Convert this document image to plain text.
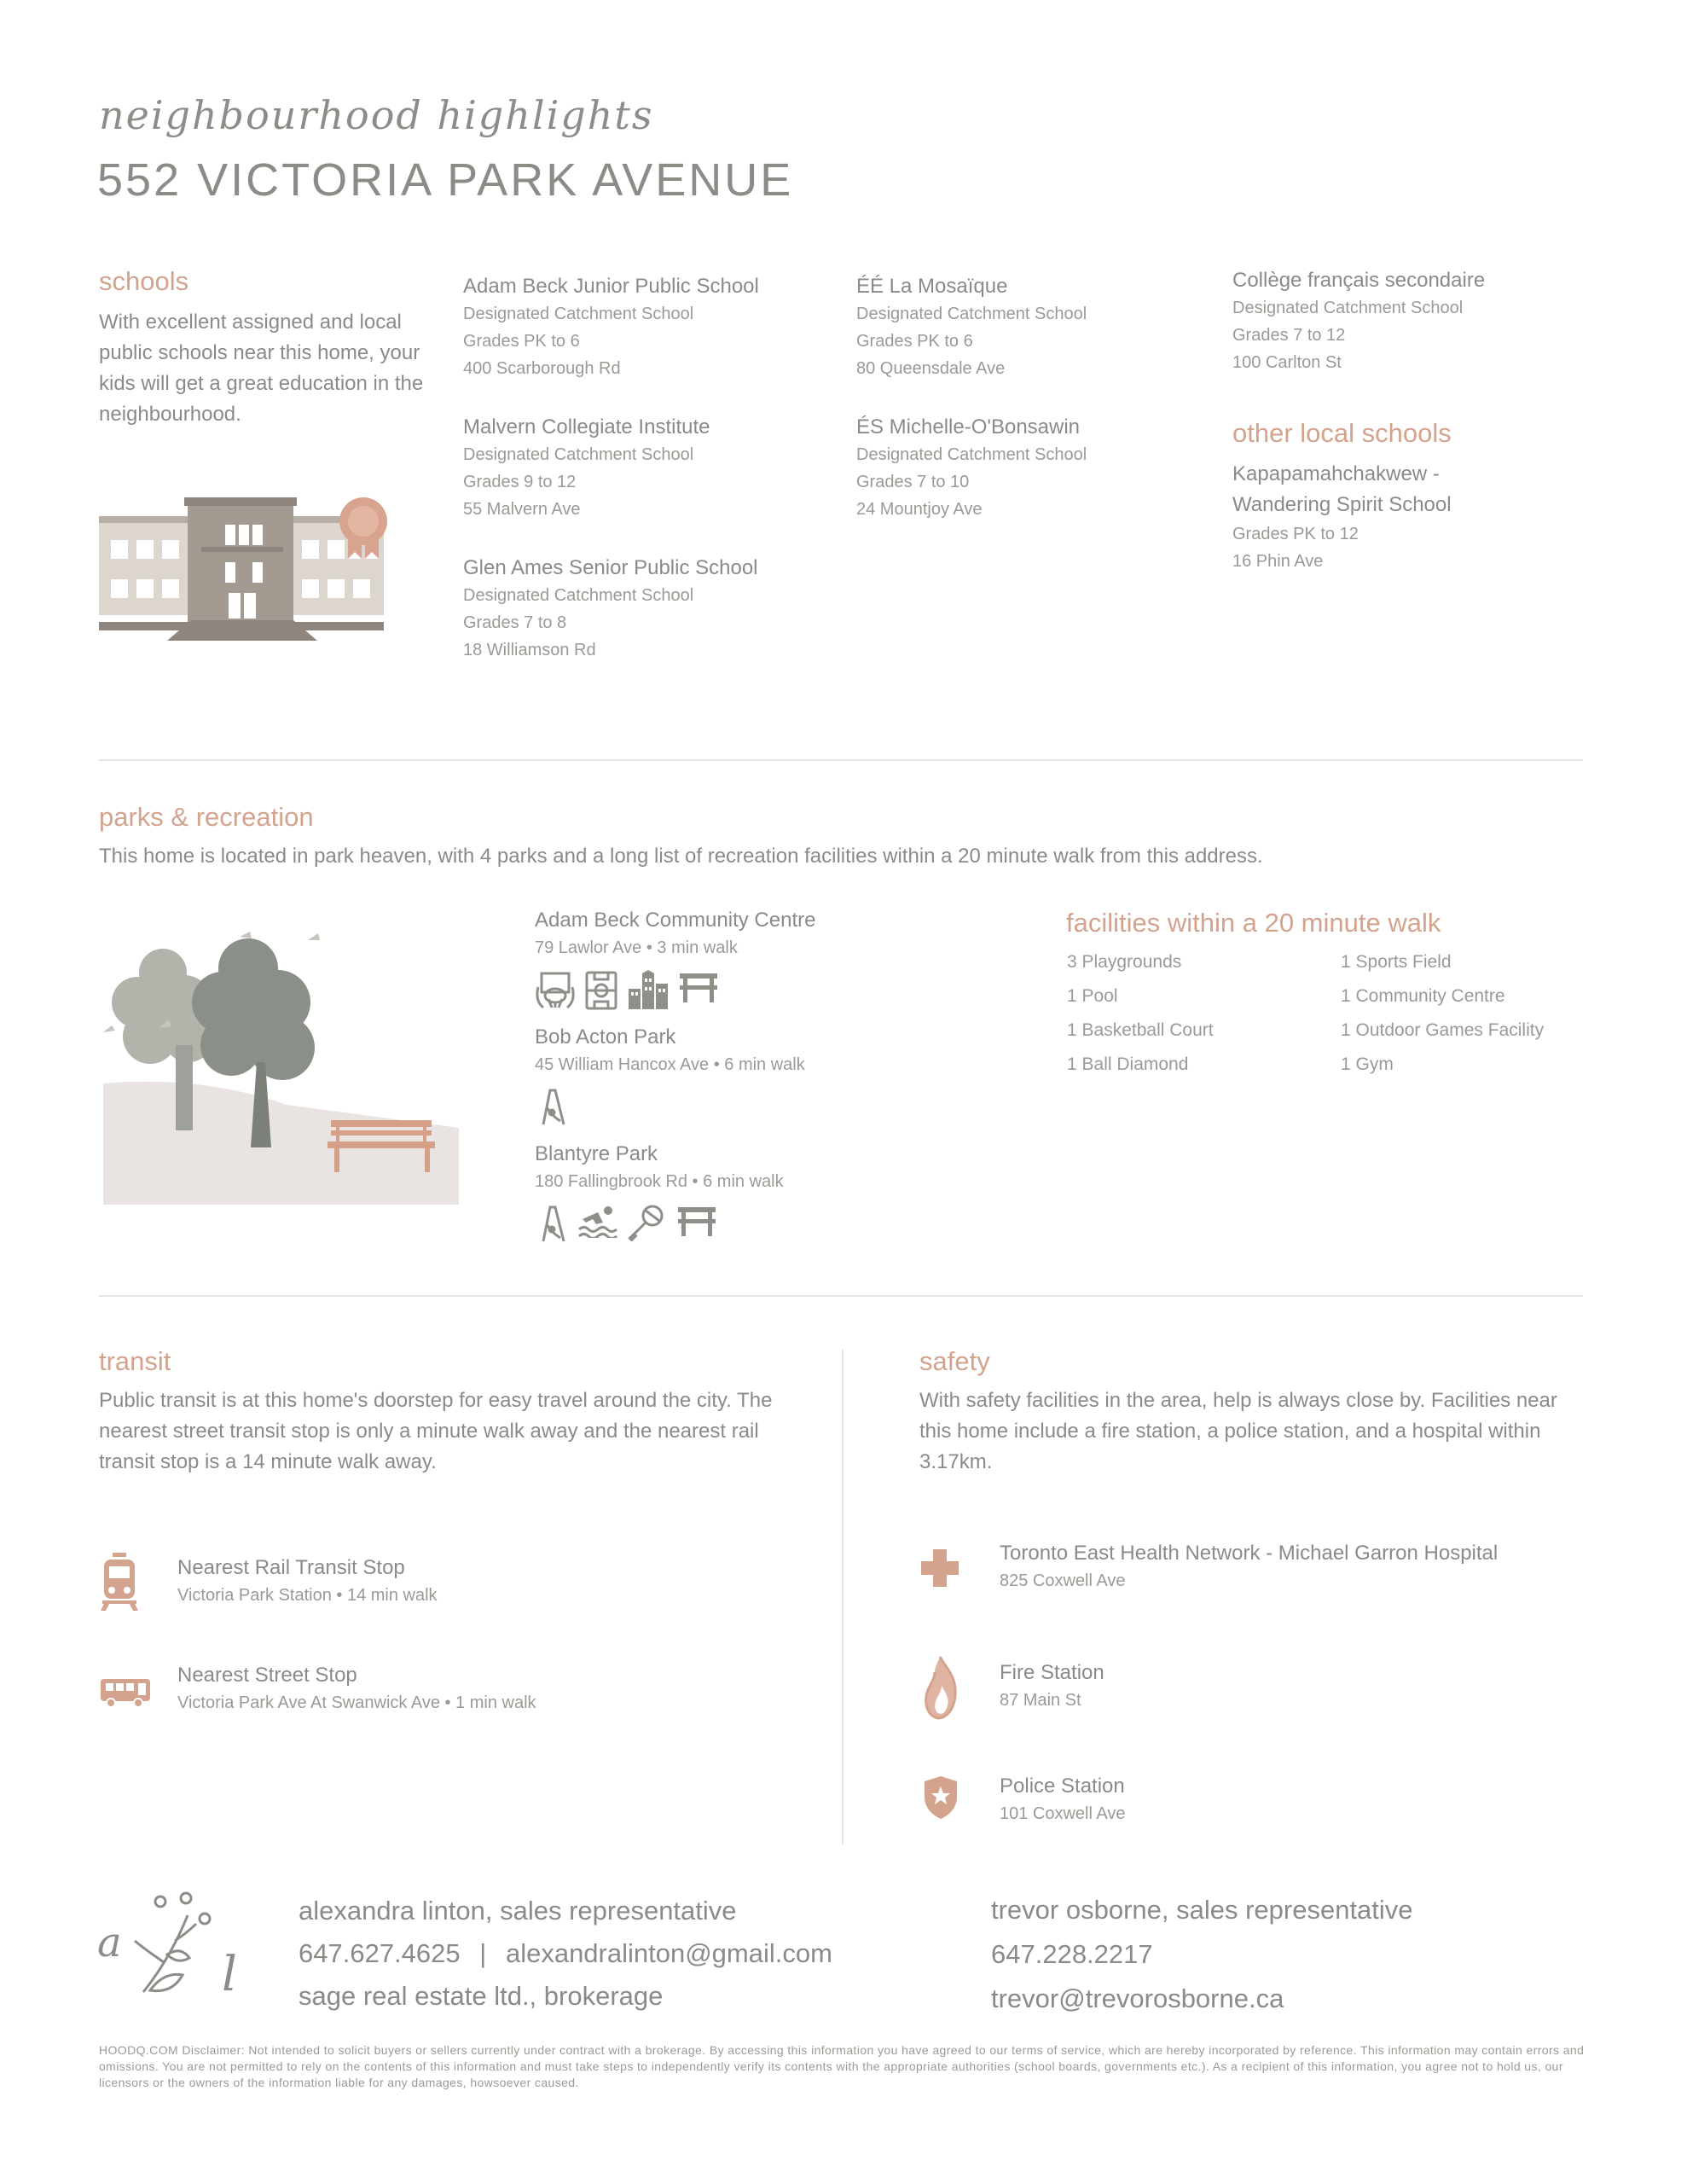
neighbourhood highlights
552 VICTORIA PARK AVENUE
schools
With excellent assigned and local public schools near this home, your kids will get a great education in the neighbourhood.
Adam Beck Junior Public School
Designated Catchment School
Grades PK to 6
400 Scarborough Rd
Malvern Collegiate Institute
Designated Catchment School
Grades 9 to 12
55 Malvern Ave
Glen Ames Senior Public School
Designated Catchment School
Grades 7 to 8
18 Williamson Rd
ÉÉ La Mosaïque
Designated Catchment School
Grades PK to 6
80 Queensdale Ave
ÉS Michelle-O'Bonsawin
Designated Catchment School
Grades 7 to 10
24 Mountjoy Ave
Collège français secondaire
Designated Catchment School
Grades 7 to 12
100 Carlton St
other local schools
Kapapamahchakwew -
Wandering Spirit School
Grades PK to 12
16 Phin Ave
parks & recreation
This home is located in park heaven, with 4 parks and a long list of recreation facilities within a 20 minute walk from this address.
Adam Beck Community Centre
79 Lawlor Ave • 3 min walk
Bob Acton Park
45 William Hancox Ave • 6 min walk
Blantyre Park
180 Fallingbrook Rd • 6 min walk
facilities within a 20 minute walk
3 Playgrounds
1 Pool
1 Basketball Court
1 Ball Diamond
1 Sports Field
1 Community Centre
1 Outdoor Games Facility
1 Gym
transit
Public transit is at this home's doorstep for easy travel around the city. The nearest street transit stop is only a minute walk away and the nearest rail transit stop is a 14 minute walk away.
Nearest Rail Transit Stop
Victoria Park Station • 14 min walk
Nearest Street Stop
Victoria Park Ave At Swanwick Ave • 1 min walk
safety
With safety facilities in the area, help is always close by. Facilities near this home include a fire station, a police station, and a hospital within 3.17km.
Toronto East Health Network - Michael Garron Hospital
825 Coxwell Ave
Fire Station
87 Main St
Police Station
101 Coxwell Ave
a
l
alexandra linton, sales representative
647.627.4625 | alexandralinton@gmail.com
sage real estate ltd., brokerage
trevor osborne, sales representative
647.228.2217
trevor@trevorosborne.ca
HOODQ.COM Disclaimer: Not intended to solicit buyers or sellers currently under contract with a brokerage. By accessing this information you have agreed to our terms of service, which are hereby incorporated by reference. This information may contain errors and omissions. You are not permitted to rely on the contents of this information and must take steps to independently verify its contents with the appropriate authorities (school boards, governments etc.). As a recipient of this information, you agree not to hold us, our licensors or the owners of the information liable for any damages, howsoever caused.
